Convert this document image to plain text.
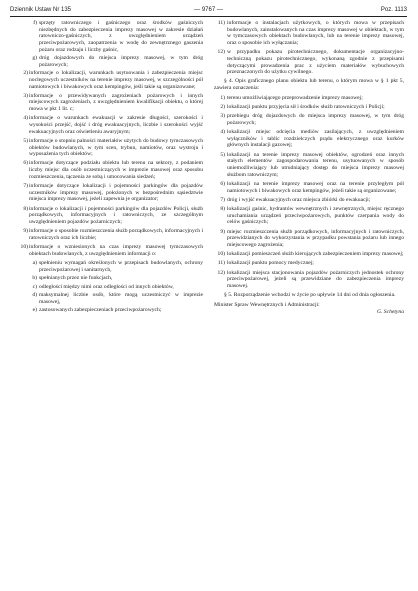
Dziennik Ustaw Nr 135	— 9767 —	Poz. 1113
f) sprzęty ratowniczego i gaśniczego oraz środków gaśniczych niezbędnych do zabezpieczenia imprezy masowej w zakresie działań ratowniczo-gaśniczych, z uwzględnieniem urządzeń przeciwpożarowych, zaopatrzenia w wodę do zewnętrznego gaszenia pożaru oraz rodzaju i liczby gaśnic,
g) dróg dojazdowych do miejsca imprezy masowej, w tym dróg pożarowych;
2) informacje o lokalizacji, warunkach usytuowania i zabezpieczenia miejsc noclegowych uczestników na terenie imprezy masowej, w szczególności pól namiotowych i biwakowych oraz kempingów, jeśli takie są organizowane;
3) informacje o przewidywanych zagrożeniach pożarowych i innych miejscowych zagrożeniach, z uwzględnieniem kwalifikacji obiektu, o której mowa w pkt 1 lit. c;
4) informacje o warunkach ewakuacji w zakresie długości, szerokości i wysokości przejść, dojść i dróg ewakuacyjnych, liczbie i szerokości wyjść ewakuacyjnych oraz oświetleniu awaryjnym;
5) informacje o stopniu palności materiałów użytych do budowy tymczasowych obiektów budowlanych, w tym scen, trybun, namiotów, oraz wystroju i wyposażenia tych obiektów;
6) informacje dotyczące podziału obiektu lub terenu na sektory, z podaniem liczby miejsc dla osób uczestniczących w imprezie masowej oraz sposobu rozmieszczenia, tączenia ze sobą i umocowania siedzeń;
7) informacje dotyczące lokalizacji i pojemności parkingów dla pojazdów uczestników imprezy masowej, położonych w bezpośrednim sąsiedztwie miejsca imprezy masowej, jeżeli zapewnia je organizator;
8) informacje o lokalizacji i pojemności parkingów dla pojazdów Policji, służb porządkowych, informacyjnych i ratowniczych, ze szczególnym uwzględnieniem pojazdów pożarniczych;
9) informacje o sposobie rozmieszczenia służb porządkowych, informacyjnych i ratowniczych oraz ich liczbie;
10) informacje o wzniesionych na czas imprezy masowej tymczasowych obiektach budowlanych, z uwzględnieniem informacji o:
a) spełnieniu wymagań określonych w przepisach budowlanych, ochrony przeciwpożarowej i sanitarnych,
b) spełnianych przez nie funkcjach,
c) odległości między nimi oraz odległości od innych obiektów,
d) maksymalnej liczbie osób, które mogą uczestniczyć w imprezie masowej,
e) zastosowanych zabezpieczeniach przeciwpożarowych;
11) informacje o instalacjach użytkowych, o których mowa w przepisach budowlanych, zainstalowanych na czas imprezy masowej w obiektach, w tym w tymczasowych obiektach budowlanych, lub na terenie imprezy masowej, oraz o sposobie ich wyłączania;
12) w przypadku pokazu pirotechnicznego, dokumentacje organizacyjno-techniczną pokazu pirotechnicznego, wykonaną zgodnie z przepisami dotyczącymi prowadzenia prac z użyciem materiałów wybuchowych przeznaczonych do użytku cywilnego.

§ 4. Opis graficznego planu obiektu lub terenu, o którym mowa w § 1 pkt 5, zawiera oznaczenia:

1) terenu umożliwiającego przeprowadzenie imprezy masowej;
2) lokalizacji punktu przyjęcia sił i środków służb ratowniczych i Policji;
3) przebiegu dróg dojazdowych do miejsca imprezy masowej, w tym dróg pożarowych;
4) lokalizacji miejsc odcięcia mediów zasilających, z uwzględnieniem wyłączników i tablic rozdzielczych prądu elektrycznego oraz kurków głównych instalacji gazowej;
5) lokalizacji na terenie imprezy masowej obiektów, ogrodzeń oraz innych stałych elementów zagospodarowania terenu, usytuowanych w sposób uniemożliwiający lub utrudniający dostęp do miejsca imprezy masowej służbom ratowniczym;
6) lokalizacji na terenie imprezy masowej oraz na terenie przyległym pól namiotowych i biwakowych oraz kempingów, jeżeli takie są organizowane;
7) dróg i wyjść ewakuacyjnych oraz miejsca zbiórki do ewakuacji;
8) lokalizacji gaśnic, hydrantów wewnętrznych i zewnętrznych, miejsc ręcznego uruchamiania urządzeń przeciwpożarowych, punktów czerpania wody do celów gaśniczych;
9) miejsc rozmieszczenia służb porządkowych, informacyjnych i ratowniczych, przewidzianych do wykorzystania w przypadku powstania pożaru lub innego miejscowego zagrożenia;
10) lokalizacji pomieszczeń służb kierujących zabezpieczeniem imprezy masowej;
11) lokalizacji punktu pomocy medycznej;
12) lokalizacji miejsca stacjonowania pojazdów pożarniczych jednostek ochrony przeciwpożarowej, jeżeli są przewidziane do zabezpieczenia imprezy masowej.

§ 5. Rozporządzenie wchodzi w życie po upływie 14 dni od dnia ogłoszenia.

Minister Spraw Wewnętrznych i Administracji:
G. Schetyna
